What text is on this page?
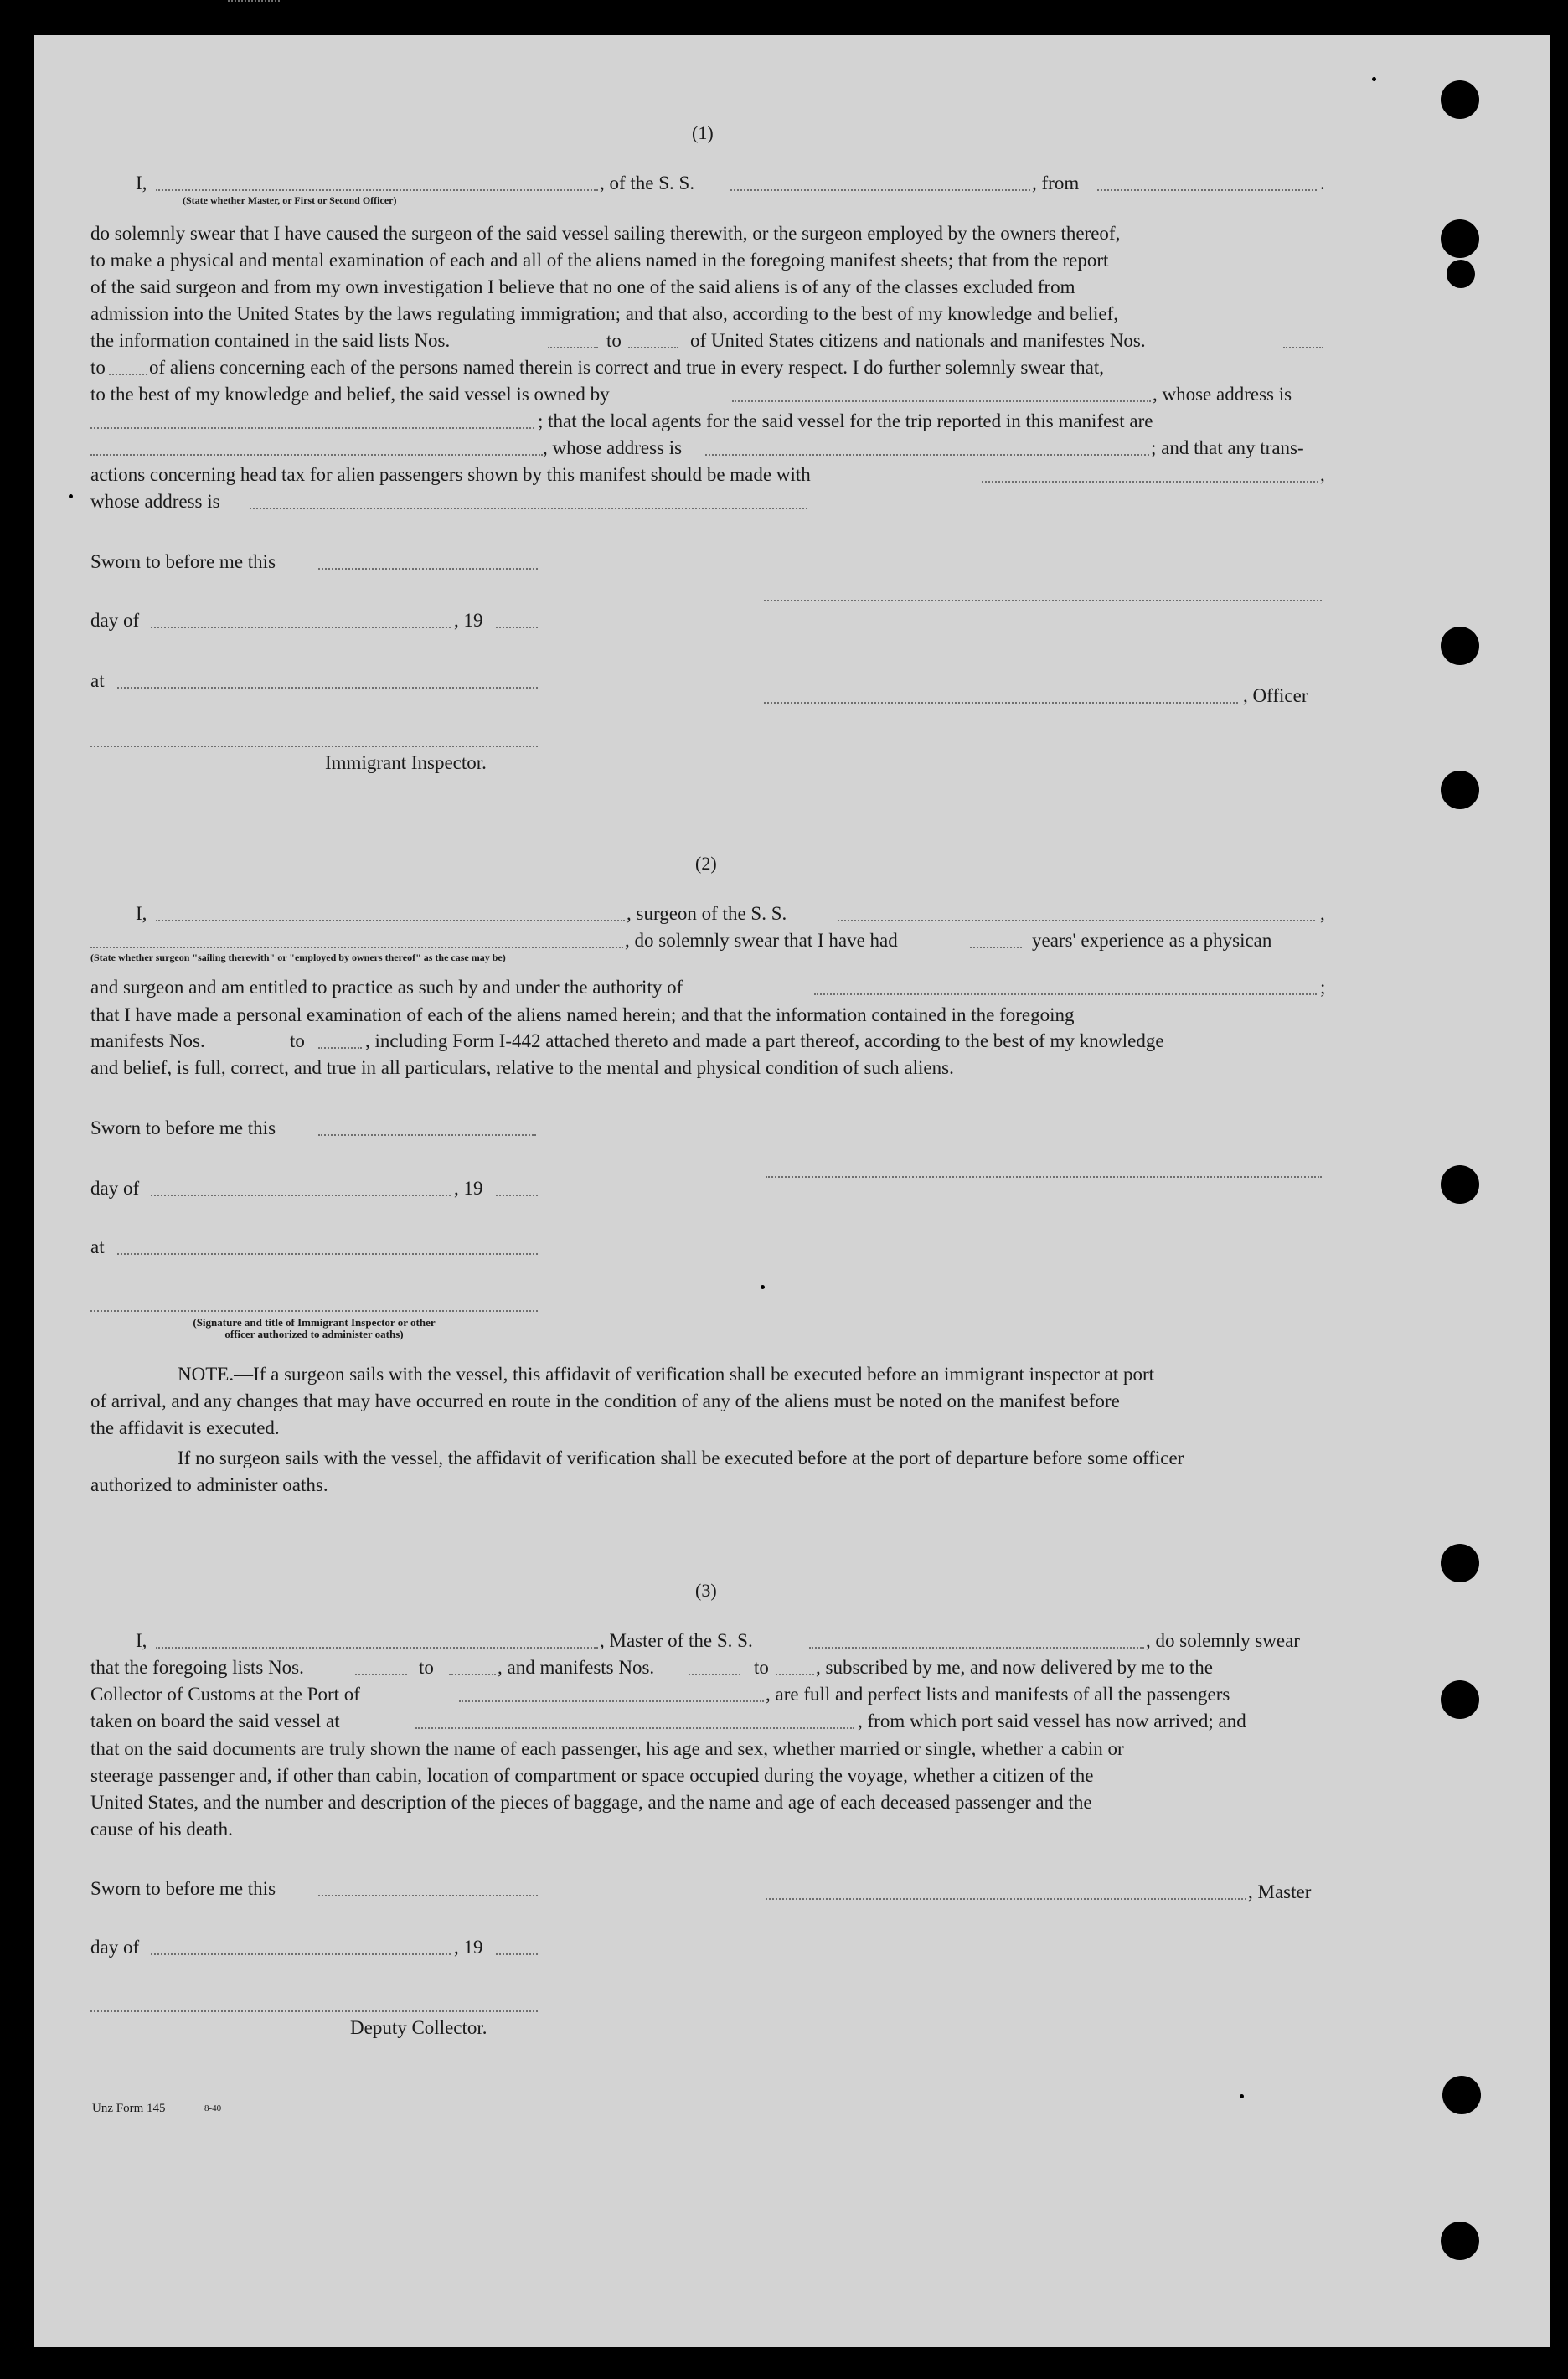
(1)
I,	, of the S. S.	, from	.
(State whether Master, or First or Second Officer)
do solemnly swear that I have caused the surgeon of the said vessel sailing therewith, or the surgeon employed by the owners thereof,
to make a physical and mental examination of each and all of the aliens named in the foregoing manifest sheets; that from the report
of the said surgeon and from my own investigation I believe that no one of the said aliens is of any of the classes excluded from
admission into the United States by the laws regulating immigration; and that also, according to the best of my knowledge and belief,
the information contained in the said lists Nos.	to	of United States citizens and nationals and manifestes Nos.
to of aliens concerning each of the persons named therein is correct and true in every respect. I do further solemnly swear that,
to the best of my knowledge and belief, the said vessel is owned by	, whose address is
; that the local agents for the said vessel for the trip reported in this manifest are
, whose address is	; and that any trans-
actions concerning head tax for alien passengers shown by this manifest should be made with	,
whose address is
Sworn to before me this
day of	, 19
at
, Officer
Immigrant Inspector.
(2)
I,	, surgeon of the S. S.	,
, do solemnly swear that I have had	years' experience as a physican
(State whether surgeon "sailing therewith" or "employed by owners thereof" as the case may be)
and surgeon and am entitled to practice as such by and under the authority of	;
that I have made a personal examination of each of the aliens named herein; and that the information contained in the foregoing
manifests Nos.	to	, including Form I-442 attached thereto and made a part thereof, according to the best of my knowledge
and belief, is full, correct, and true in all particulars, relative to the mental and physical condition of such aliens.
Sworn to before me this
day of	, 19
at
(Signature and title of Immigrant Inspector or other
officer authorized to administer oaths)
NOTE.—If a surgeon sails with the vessel, this affidavit of verification shall be executed before an immigrant inspector at port
of arrival, and any changes that may have occurred en route in the condition of any of the aliens must be noted on the manifest before
the affidavit is executed.
If no surgeon sails with the vessel, the affidavit of verification shall be executed before at the port of departure before some officer
authorized to administer oaths.
(3)
I,	, Master of the S. S.	, do solemnly swear
that the foregoing lists Nos.	to	, and manifests Nos.	to , subscribed by me, and now delivered by me to the
Collector of Customs at the Port of	, are full and perfect lists and manifests of all the passengers
taken on board the said vessel at	, from which port said vessel has now arrived; and
that on the said documents are truly shown the name of each passenger, his age and sex, whether married or single, whether a cabin or
steerage passenger and, if other than cabin, location of compartment or space occupied during the voyage, whether a citizen of the
United States, and the number and description of the pieces of baggage, and the name and age of each deceased passenger and the
cause of his death.
Sworn to before me this	, Master
day of	, 19
Deputy Collector.
Unz Form 145	8-40
